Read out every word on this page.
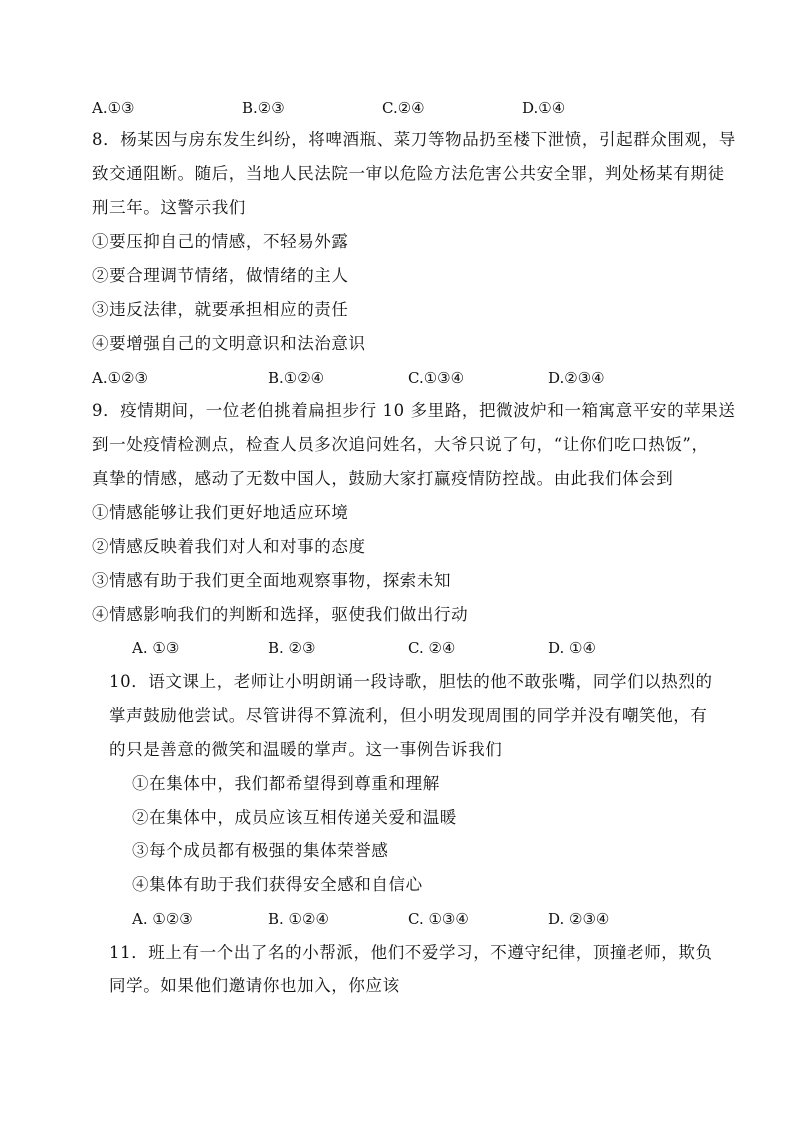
A.①③	B.②③	C.②④	D.①④
8．杨某因与房东发生纠纷，将啤酒瓶、菜刀等物品扔至楼下泄愤，引起群众围观，导
致交通阻断。随后，当地人民法院一审以危险方法危害公共安全罪，判处杨某有期徒
刑三年。这警示我们
①要压抑自己的情感，不轻易外露
②要合理调节情绪，做情绪的主人
③违反法律，就要承担相应的责任
④要增强自己的文明意识和法治意识
A.①②③	B.①②④	C.①③④	D.②③④
9．疫情期间，一位老伯挑着扁担步行 10 多里路，把微波炉和一箱寓意平安的苹果送
到一处疫情检测点，检查人员多次追问姓名，大爷只说了句，“让你们吃口热饭”，
真挚的情感，感动了无数中国人，鼓励大家打赢疫情防控战。由此我们体会到
①情感能够让我们更好地适应环境
②情感反映着我们对人和对事的态度
③情感有助于我们更全面地观察事物，探索未知
④情感影响我们的判断和选择，驱使我们做出行动
A. ①③	B. ②③	C. ②④	D. ①④
10．语文课上，老师让小明朗诵一段诗歌，胆怯的他不敢张嘴，同学们以热烈的
掌声鼓励他尝试。尽管讲得不算流利，但小明发现周围的同学并没有嘲笑他，有
的只是善意的微笑和温暖的掌声。这一事例告诉我们
①在集体中，我们都希望得到尊重和理解
②在集体中，成员应该互相传递关爱和温暖
③每个成员都有极强的集体荣誉感
④集体有助于我们获得安全感和自信心
A. ①②③	B. ①②④	C. ①③④	D. ②③④
11．班上有一个出了名的小帮派，他们不爱学习，不遵守纪律，顶撞老师，欺负
同学。如果他们邀请你也加入，你应该
